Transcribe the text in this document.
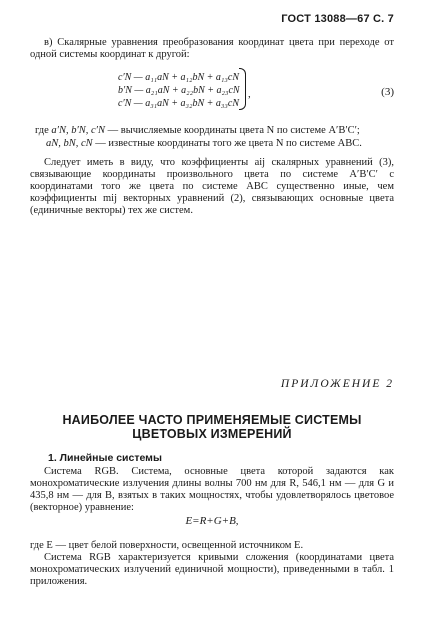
ГОСТ 13088—67 С. 7
в) Скалярные уравнения преобразования координат цвета при переходе от одной системы координат к другой:
c′N — a₁₁aN + a₁₂bN + a₁₃cN
b′N — a₂₁aN + a₂₂bN + a₂₃cN
c′N — a₃₁aN + a₃₂bN + a₃₃cN
,	(3)
где a′N, b′N, c′N — вычисляемые координаты цвета N по системе A′B′C′;
aN, bN, cN — известные координаты того же цвета N по системе ABC.
Следует иметь в виду, что коэффициенты aij скалярных уравнений (3), связывающие координаты произвольного цвета по системе A′B′C′ с координатами того же цвета по системе ABC существенно иные, чем коэффициенты mij векторных уравнений (2), связывающих основные цвета (единичные векторы) тех же систем.
ПРИЛОЖЕНИЕ 2
НАИБОЛЕЕ ЧАСТО ПРИМЕНЯЕМЫЕ СИСТЕМЫ ЦВЕТОВЫХ ИЗМЕРЕНИЙ
1. Линейные системы
Система RGB. Система, основные цвета которой задаются как монохроматические излучения длины волны 700 нм для R, 546,1 нм — для G и 435,8 нм — для B, взятых в таких мощностях, чтобы удовлетворялось цветовое (векторное) уравнение:
E=R+G+B,
где E — цвет белой поверхности, освещенной источником E.
Система RGB характеризуется кривыми сложения (координатами цвета монохроматических излучений единичной мощности), приведенными в табл. 1 приложения.
